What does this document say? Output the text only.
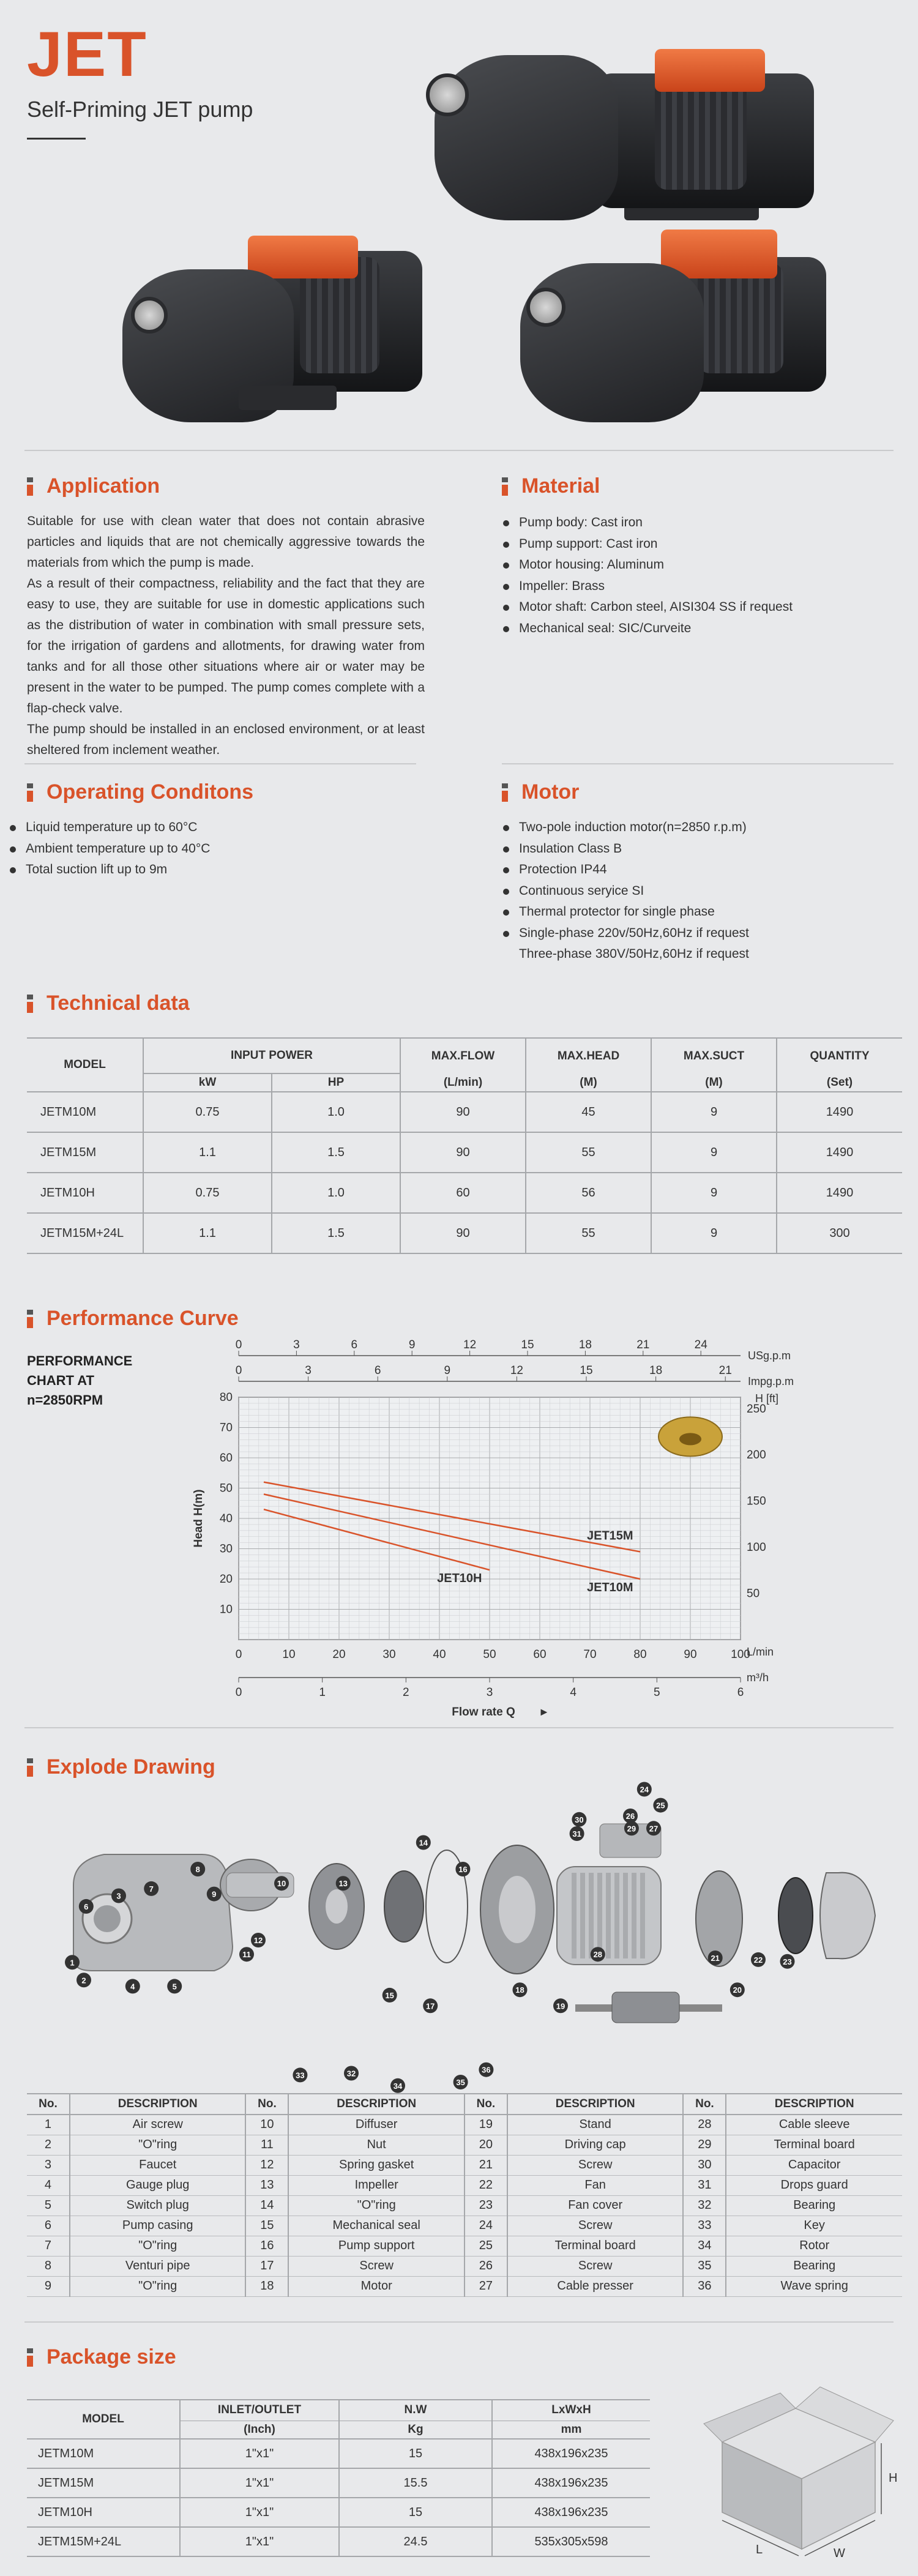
JET
Self-Priming JET pump
Application
Suitable for use with clean water that does not contain abrasive particles and liquids that are not chemically aggressive towards the materials from which the pump is made.
As a result of their compactness, reliability and the fact that they are easy to use, they are suitable for use in domestic applications such as the distribution of water in combination with small pressure sets, for the irrigation of gardens and allotments, for drawing water from tanks and for all those other situations where air or water may be present in the water to be pumped. The pump comes complete with a flap-check valve.
The pump should be installed in an enclosed environment, or at least sheltered from inclement weather.
Material
Pump body: Cast iron
Pump support: Cast iron
Motor housing: Aluminum
Impeller: Brass
Motor shaft: Carbon steel, AISI304 SS if request
Mechanical seal: SIC/Curveite
Operating Conditons
Liquid temperature up to 60°C
Ambient temperature up to 40°C
Total suction lift up to 9m
Motor
Two-pole induction motor(n=2850 r.p.m)
Insulation Class B
Protection IP44
Continuous seryice SI
Thermal protector for single phase
Single-phase 220v/50Hz,60Hz if request
Three-phase 380V/50Hz,60Hz if request
Technical data
MODEL	INPUT POWER		MAX.FLOW	MAX.HEAD	MAX.SUCT	QUANTITY
	kW	HP	(L/min)	(M)	(M)	(Set)
JETM10M	0.75	1.0	90	45	9	1490
JETM15M	1.1	1.5	90	55	9	1490
JETM10H	0.75	1.0	60	56	9	1490
JETM15M+24L	1.1	1.5	90	55	9	300
Performance Curve
PERFORMANCE
CHART AT
n=2850RPM
10
20
30
40
50
60
70
80
0	10	20	30	40	50	60	70	80	90	100
L/min
0	3	6	9	12	15	18	21	24
USg.p.m
0	3	6	9	12	15	18	21
Impg.p.m
0	1	2	3	4	5	6
m³/h
50
100
150
200
250
H [ft]
Head H(m)
Flow rate Q ►
JET15M
JET10M
JET10H
Explode Drawing
1
2
3
4	5
6
7
8
9
10
11
12
13
14
15
16
17
18
19
20
21	22	23
24
25
26
27
28
29
30
31
32
33
34	35
36
No.	DESCRIPTION	No.	DESCRIPTION	No.	DESCRIPTION	No.	DESCRIPTION
1	Air screw	10	Diffuser	19	Stand	28	Cable sleeve
2	"O"ring	11	Nut	20	Driving cap	29	Terminal board
3	Faucet	12	Spring gasket	21	Screw	30	Capacitor
4	Gauge plug	13	Impeller	22	Fan	31	Drops guard
5	Switch plug	14	"O"ring	23	Fan cover	32	Bearing
6	Pump casing	15	Mechanical seal	24	Screw	33	Key
7	"O"ring	16	Pump support	25	Terminal board	34	Rotor
8	Venturi pipe	17	Screw	26	Screw	35	Bearing
9	"O"ring	18	Motor	27	Cable presser	36	Wave spring
Package size
MODEL	INLET/OUTLET	N.W	LxWxH
	(Inch)	Kg	mm
JETM10M	1"x1"	15	438x196x235
JETM15M	1"x1"	15.5	438x196x235
JETM10H	1"x1"	15	438x196x235
JETM15M+24L	1"x1"	24.5	535x305x598
H
L	W
